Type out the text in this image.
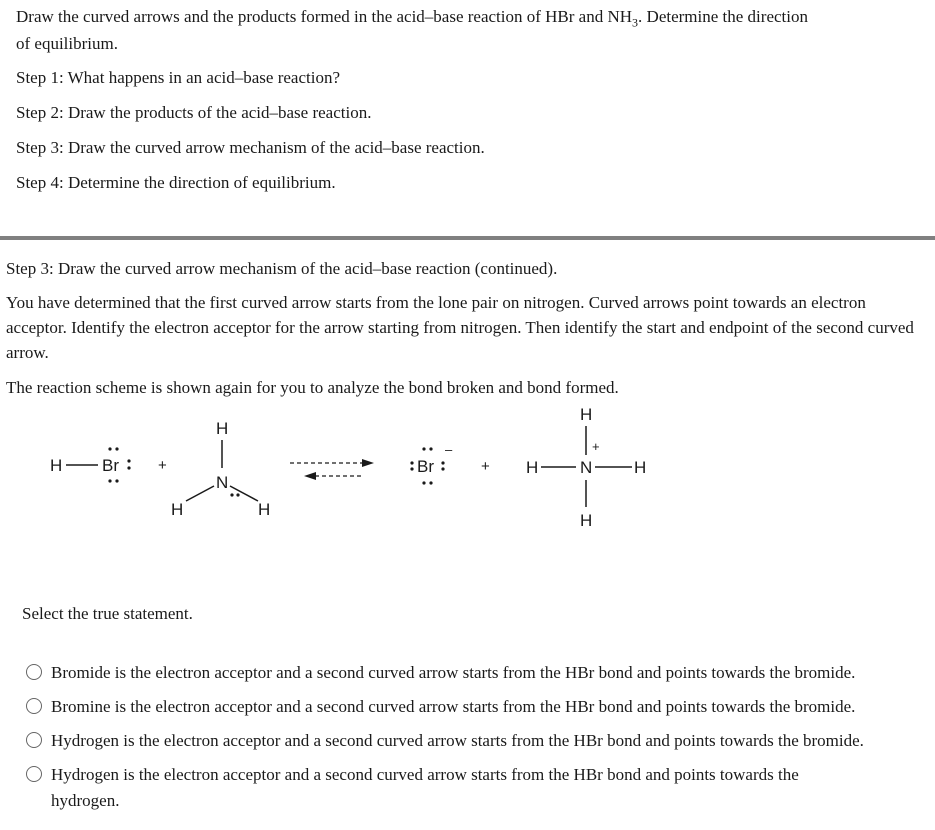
Draw the curved arrows and the products formed in the acid–base reaction of HBr and $NH_3$. Determine the direction
of equilibrium.
Step 1: What happens in an acid–base reaction?
Step 2: Draw the products of the acid–base reaction.
Step 3: Draw the curved arrow mechanism of the acid–base reaction.
Step 4: Determine the direction of equilibrium.
Step 3: Draw the curved arrow mechanism of the acid–base reaction (continued).
You have determined that the first curved arrow starts from the lone pair on nitrogen. Curved arrows point towards an electron acceptor. Identify the electron acceptor for the arrow starting from nitrogen. Then identify the start and endpoint of the second curved arrow.
The reaction scheme is shown again for you to analyze the bond broken and bond formed.
H Br	+
H
N
H	H
Br
–
+
H
+
H N H
H
Select the true statement.
Bromide is the electron acceptor and a second curved arrow starts from the HBr bond and points towards the bromide.
Bromine is the electron acceptor and a second curved arrow starts from the HBr bond and points towards the bromide.
Hydrogen is the electron acceptor and a second curved arrow starts from the HBr bond and points towards the bromide.
Hydrogen is the electron acceptor and a second curved arrow starts from the HBr bond and points towards the hydrogen.
